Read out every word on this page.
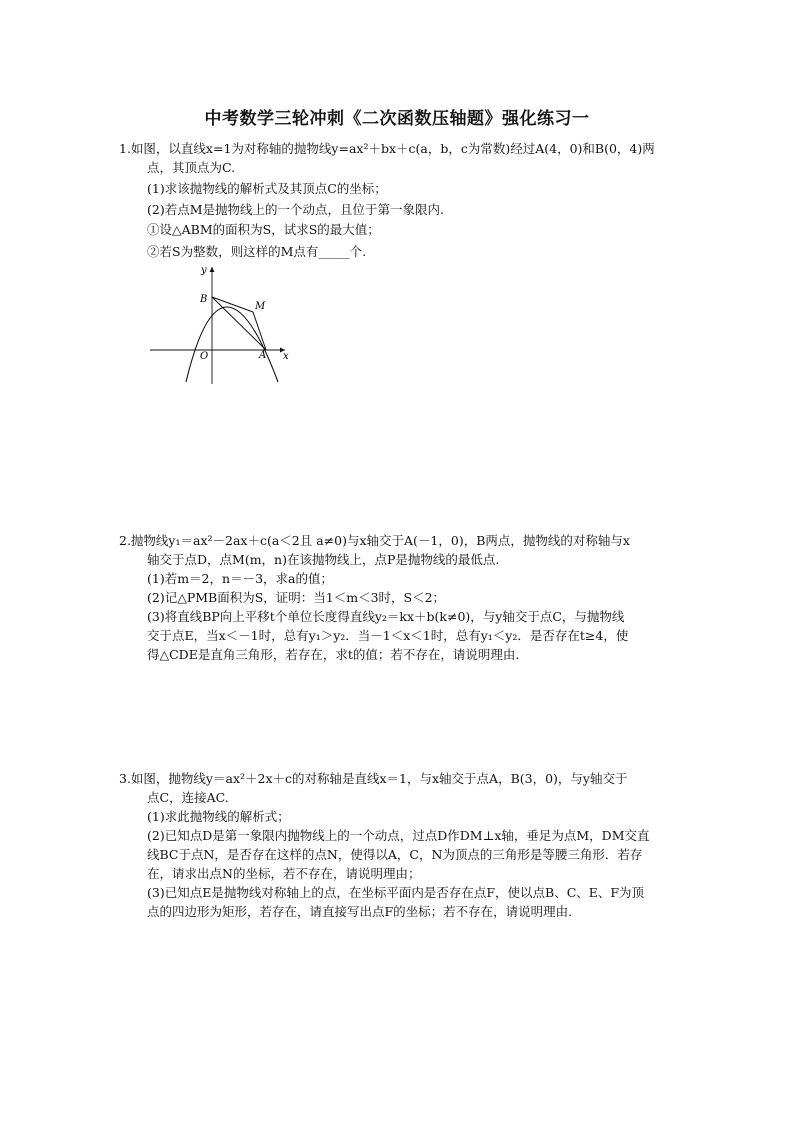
中考数学三轮冲刺《二次函数压轴题》强化练习一
1.如图，以直线x=1为对称轴的抛物线y=ax²＋bx＋c(a，b，c为常数)经过A(4，0)和B(0，4)两
点，其顶点为C.
(1)求该抛物线的解析式及其顶点C的坐标；
(2)若点M是抛物线上的一个动点，且位于第一象限内.
①设△ABM的面积为S，试求S的最大值；
②若S为整数，则这样的M点有_____个.
y
x
B
M
O	A
2.抛物线y₁＝ax²－2ax＋c(a＜2且 a≠0)与x轴交于A(－1，0)，B两点，抛物线的对称轴与x
轴交于点D，点M(m，n)在该抛物线上，点P是抛物线的最低点.
(1)若m＝2，n＝－3，求a的值；
(2)记△PMB面积为S，证明：当1＜m＜3时，S＜2；
(3)将直线BP向上平移t个单位长度得直线y₂＝kx＋b(k≠0)，与y轴交于点C，与抛物线
交于点E，当x＜－1时，总有y₁＞y₂．当－1＜x＜1时，总有y₁＜y₂．是否存在t≥4，使
得△CDE是直角三角形，若存在，求t的值；若不存在，请说明理由.
3.如图，抛物线y＝ax²＋2x＋c的对称轴是直线x＝1，与x轴交于点A，B(3，0)，与y轴交于
点C，连接AC.
(1)求此抛物线的解析式；
(2)已知点D是第一象限内抛物线上的一个动点，过点D作DM⊥x轴，垂足为点M，DM交直
线BC于点N，是否存在这样的点N，使得以A，C，N为顶点的三角形是等腰三角形．若存
在，请求出点N的坐标，若不存在，请说明理由；
(3)已知点E是抛物线对称轴上的点，在坐标平面内是否存在点F，使以点B、C、E、F为顶
点的四边形为矩形，若存在，请直接写出点F的坐标；若不存在，请说明理由.
